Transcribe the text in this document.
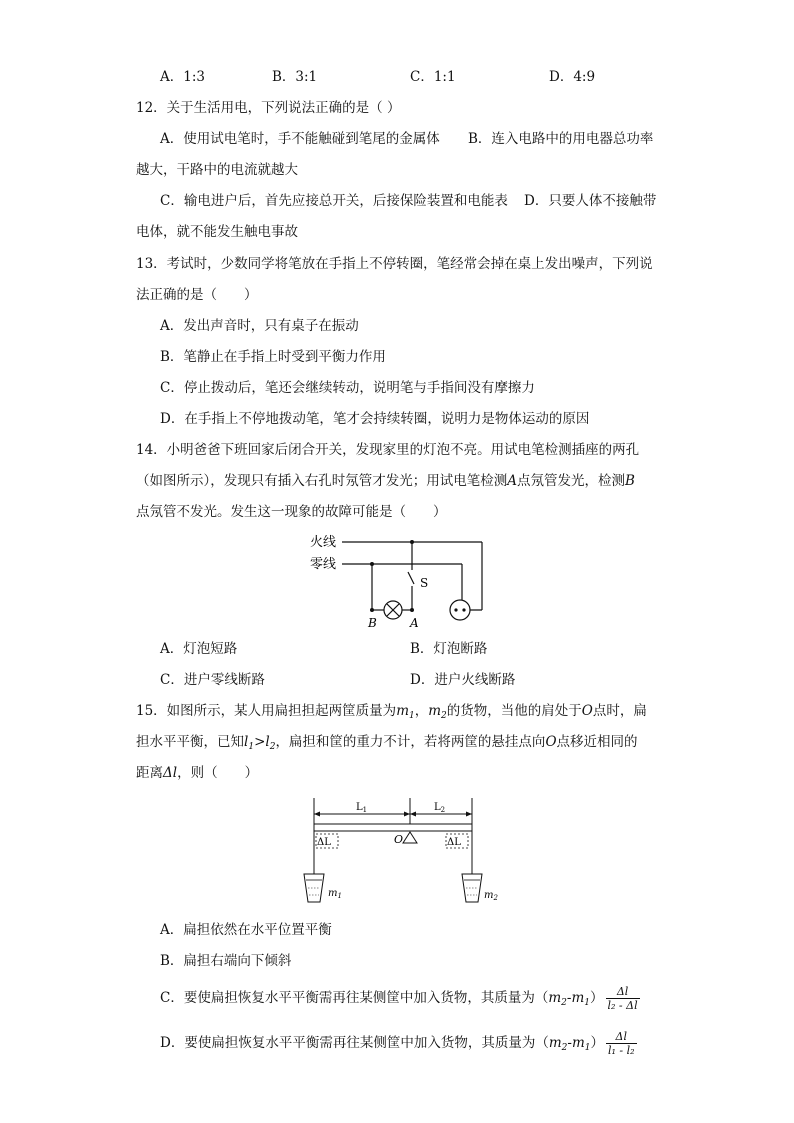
A．1:3	B．3:1	C．1:1	D．4:9
12．关于生活用电，下列说法正确的是（ ）
A．使用试电笔时，手不能触碰到笔尾的金属体 B．连入电路中的用电器总功率
越大，干路中的电流就越大
C．输电进户后，首先应接总开关，后接保险装置和电能表 D．只要人体不接触带
电体，就不能发生触电事故
13．考试时，少数同学将笔放在手指上不停转圈，笔经常会掉在桌上发出噪声，下列说
法正确的是（　　）
A．发出声音时，只有桌子在振动
B．笔静止在手指上时受到平衡力作用
C．停止拨动后，笔还会继续转动，说明笔与手指间没有摩擦力
D．在手指上不停地拨动笔，笔才会持续转圈，说明力是物体运动的原因
14．小明爸爸下班回家后闭合开关，发现家里的灯泡不亮。用试电笔检测插座的两孔
（如图所示），发现只有插入右孔时氖管才发光；用试电笔检测A点氖管发光，检测B
点氖管不发光。发生这一现象的故障可能是（　　）
火线
零线
S
B	A
A．灯泡短路	B．灯泡断路
C．进户零线断路	D．进户火线断路
15．如图所示，某人用扁担担起两筐质量为$m_1$，$m_2$的货物，当他的肩处于O点时，扁
担水平平衡，已知$l_1>l_2$，扁担和筐的重力不计，若将两筐的悬挂点向O点移近相同的
距离Δl，则（　　）
$L_1$	$L_2$
O
ΔL	ΔL
$m_1$	$m_2$
A．扁担依然在水平位置平衡
B．扁担右端向下倾斜
C．要使扁担恢复水平平衡需再往某侧筐中加入货物，其质量为$(m_2-m_1) \frac{\Delta l}{\text{l₂ - Δl}}$
D．要使扁担恢复水平平衡需再往某侧筐中加入货物，其质量为$(m_2-m_1) \frac{\Delta l}{\text{l₁ - l₂}}$
